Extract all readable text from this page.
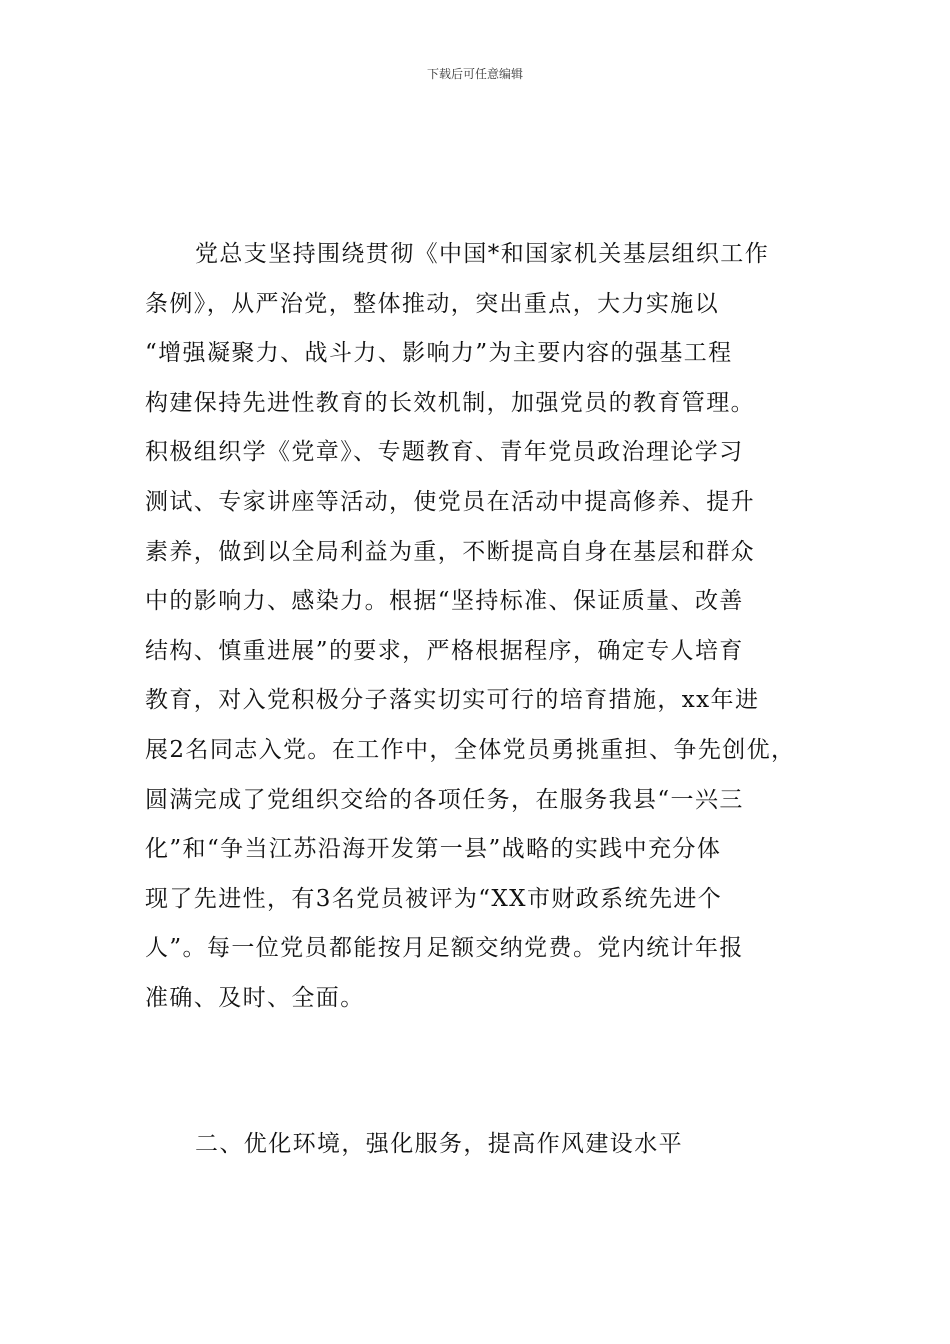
下载后可任意编辑
党总支坚持围绕贯彻《中国*和国家机关基层组织工作
条例》，从严治党，整体推动，突出重点，大力实施以
“增强凝聚力、战斗力、影响力”为主要内容的强基工程
构建保持先进性教育的长效机制，加强党员的教育管理。
积极组织学《党章》、专题教育、青年党员政治理论学习
测试、专家讲座等活动，使党员在活动中提高修养、提升
素养，做到以全局利益为重，不断提高自身在基层和群众
中的影响力、感染力。根据“坚持标准、保证质量、改善
结构、慎重进展”的要求，严格根据程序，确定专人培育
教育，对入党积极分子落实切实可行的培育措施，xx年进
展2名同志入党。在工作中，全体党员勇挑重担、争先创优，
圆满完成了党组织交给的各项任务，在服务我县“一兴三
化”和“争当江苏沿海开发第一县”战略的实践中充分体
现了先进性，有3名党员被评为“XX市财政系统先进个
人”。每一位党员都能按月足额交纳党费。党内统计年报
准确、及时、全面。
二、优化环境，强化服务，提高作风建设水平
